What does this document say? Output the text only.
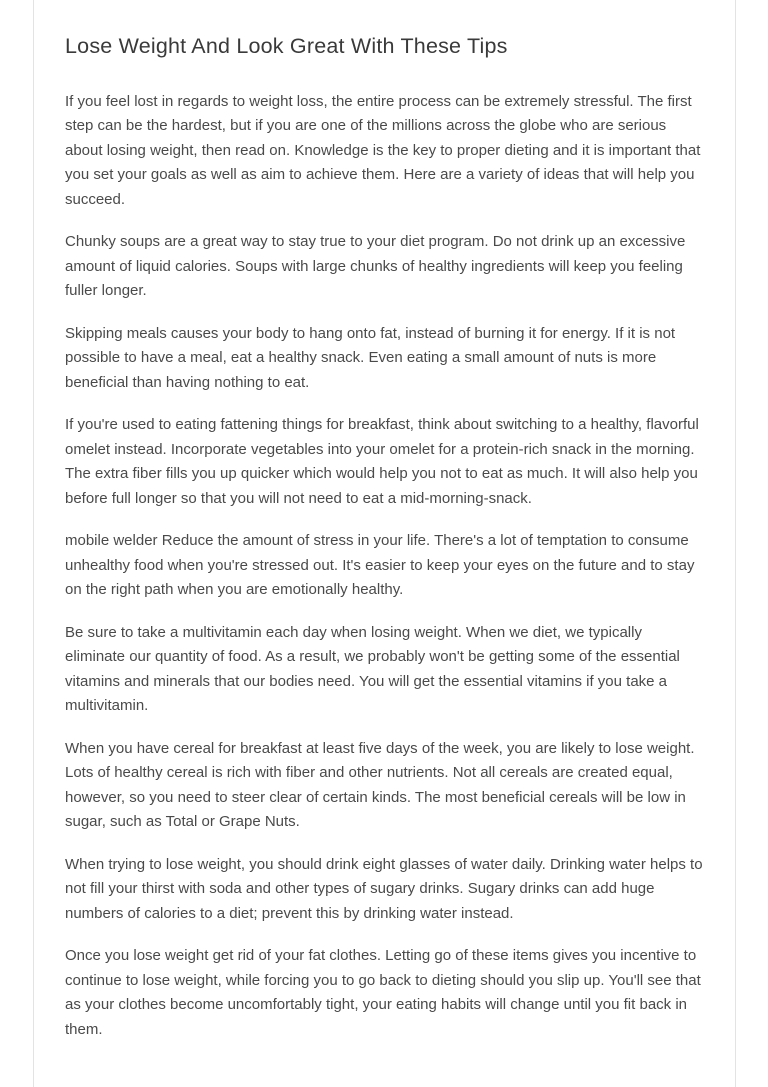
Lose Weight And Look Great With These Tips

If you feel lost in regards to weight loss, the entire process can be extremely stressful. The first step can be the hardest, but if you are one of the millions across the globe who are serious about losing weight, then read on. Knowledge is the key to proper dieting and it is important that you set your goals as well as aim to achieve them. Here are a variety of ideas that will help you succeed.

Chunky soups are a great way to stay true to your diet program. Do not drink up an excessive amount of liquid calories. Soups with large chunks of healthy ingredients will keep you feeling fuller longer.

Skipping meals causes your body to hang onto fat, instead of burning it for energy. If it is not possible to have a meal, eat a healthy snack. Even eating a small amount of nuts is more beneficial than having nothing to eat.

If you're used to eating fattening things for breakfast, think about switching to a healthy, flavorful omelet instead. Incorporate vegetables into your omelet for a protein-rich snack in the morning. The extra fiber fills you up quicker which would help you not to eat as much. It will also help you before full longer so that you will not need to eat a mid-morning-snack.

mobile welder Reduce the amount of stress in your life. There's a lot of temptation to consume unhealthy food when you're stressed out. It's easier to keep your eyes on the future and to stay on the right path when you are emotionally healthy.

Be sure to take a multivitamin each day when losing weight. When we diet, we typically eliminate our quantity of food. As a result, we probably won't be getting some of the essential vitamins and minerals that our bodies need. You will get the essential vitamins if you take a multivitamin.

When you have cereal for breakfast at least five days of the week, you are likely to lose weight. Lots of healthy cereal is rich with fiber and other nutrients. Not all cereals are created equal, however, so you need to steer clear of certain kinds. The most beneficial cereals will be low in sugar, such as Total or Grape Nuts.

When trying to lose weight, you should drink eight glasses of water daily. Drinking water helps to not fill your thirst with soda and other types of sugary drinks. Sugary drinks can add huge numbers of calories to a diet; prevent this by drinking water instead.

Once you lose weight get rid of your fat clothes. Letting go of these items gives you incentive to continue to lose weight, while forcing you to go back to dieting should you slip up. You'll see that as your clothes become uncomfortably tight, your eating habits will change until you fit back in them.
